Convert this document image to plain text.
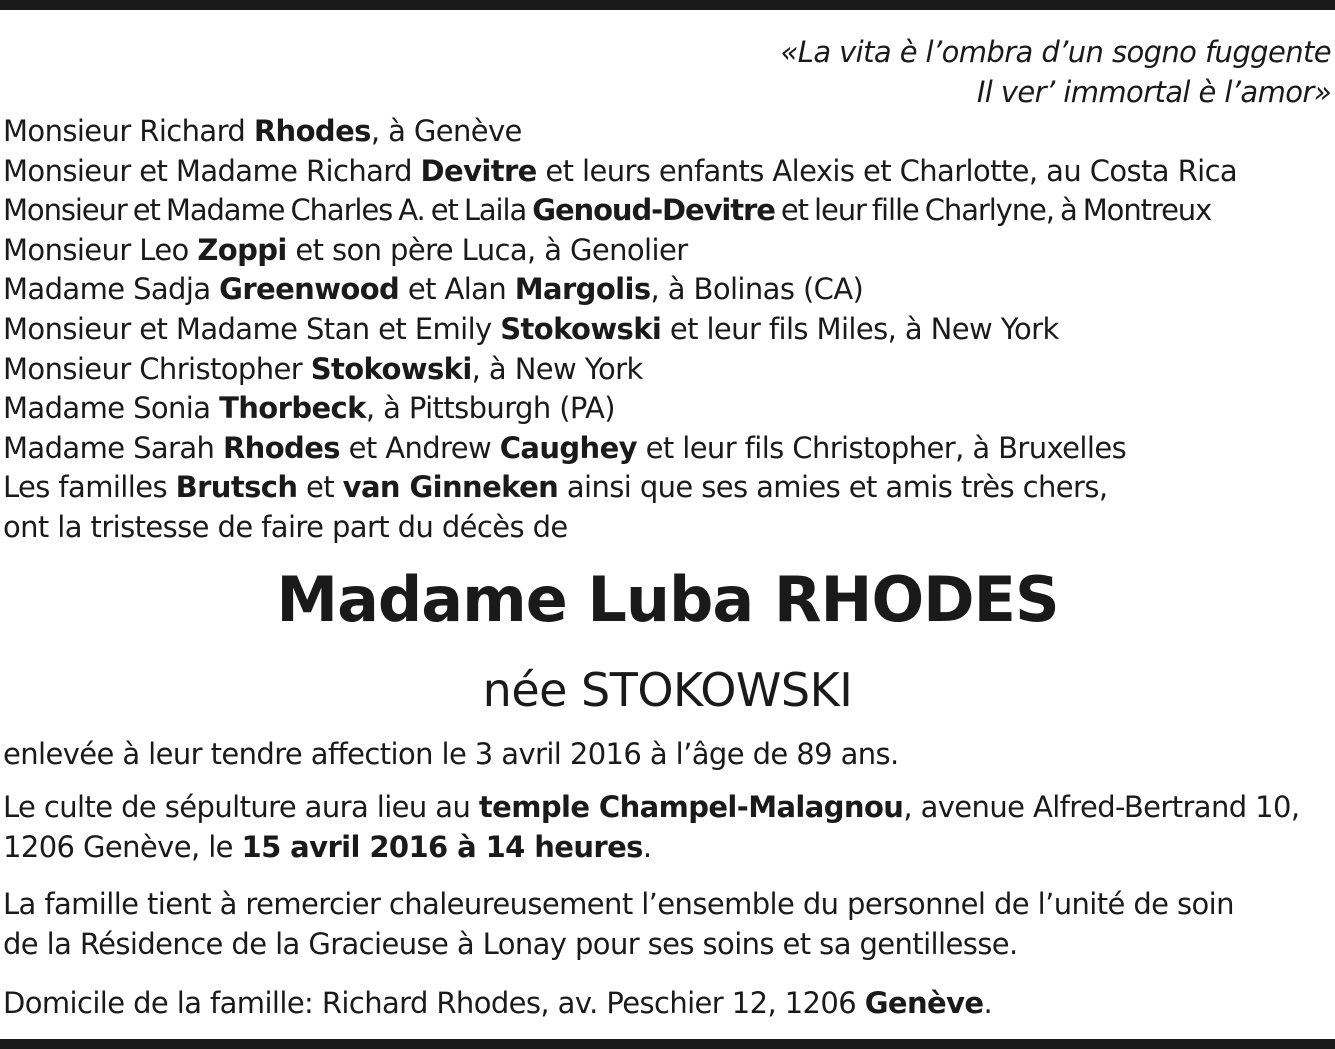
«La vita è l’ombra d’un sogno fuggente
Il ver’ immortal è l’amor»
Monsieur Richard Rhodes, à Genève
Monsieur et Madame Richard Devitre et leurs enfants Alexis et Charlotte, au Costa Rica
Monsieur et Madame Charles A. et Laila Genoud-Devitre et leur fille Charlyne, à Montreux
Monsieur Leo Zoppi et son père Luca, à Genolier
Madame Sadja Greenwood et Alan Margolis, à Bolinas (CA)
Monsieur et Madame Stan et Emily Stokowski et leur fils Miles, à New York
Monsieur Christopher Stokowski, à New York
Madame Sonia Thorbeck, à Pittsburgh (PA)
Madame Sarah Rhodes et Andrew Caughey et leur fils Christopher, à Bruxelles
Les familles Brutsch et van Ginneken ainsi que ses amies et amis très chers,
ont la tristesse de faire part du décès de
Madame Luba RHODES
née STOKOWSKI
enlevée à leur tendre affection le 3 avril 2016 à l’âge de 89 ans.
Le culte de sépulture aura lieu au temple Champel-Malagnou, avenue Alfred-Bertrand 10,
1206 Genève, le 15 avril 2016 à 14 heures.
La famille tient à remercier chaleureusement l’ensemble du personnel de l’unité de soin
de la Résidence de la Gracieuse à Lonay pour ses soins et sa gentillesse.
Domicile de la famille: Richard Rhodes, av. Peschier 12, 1206 Genève.
